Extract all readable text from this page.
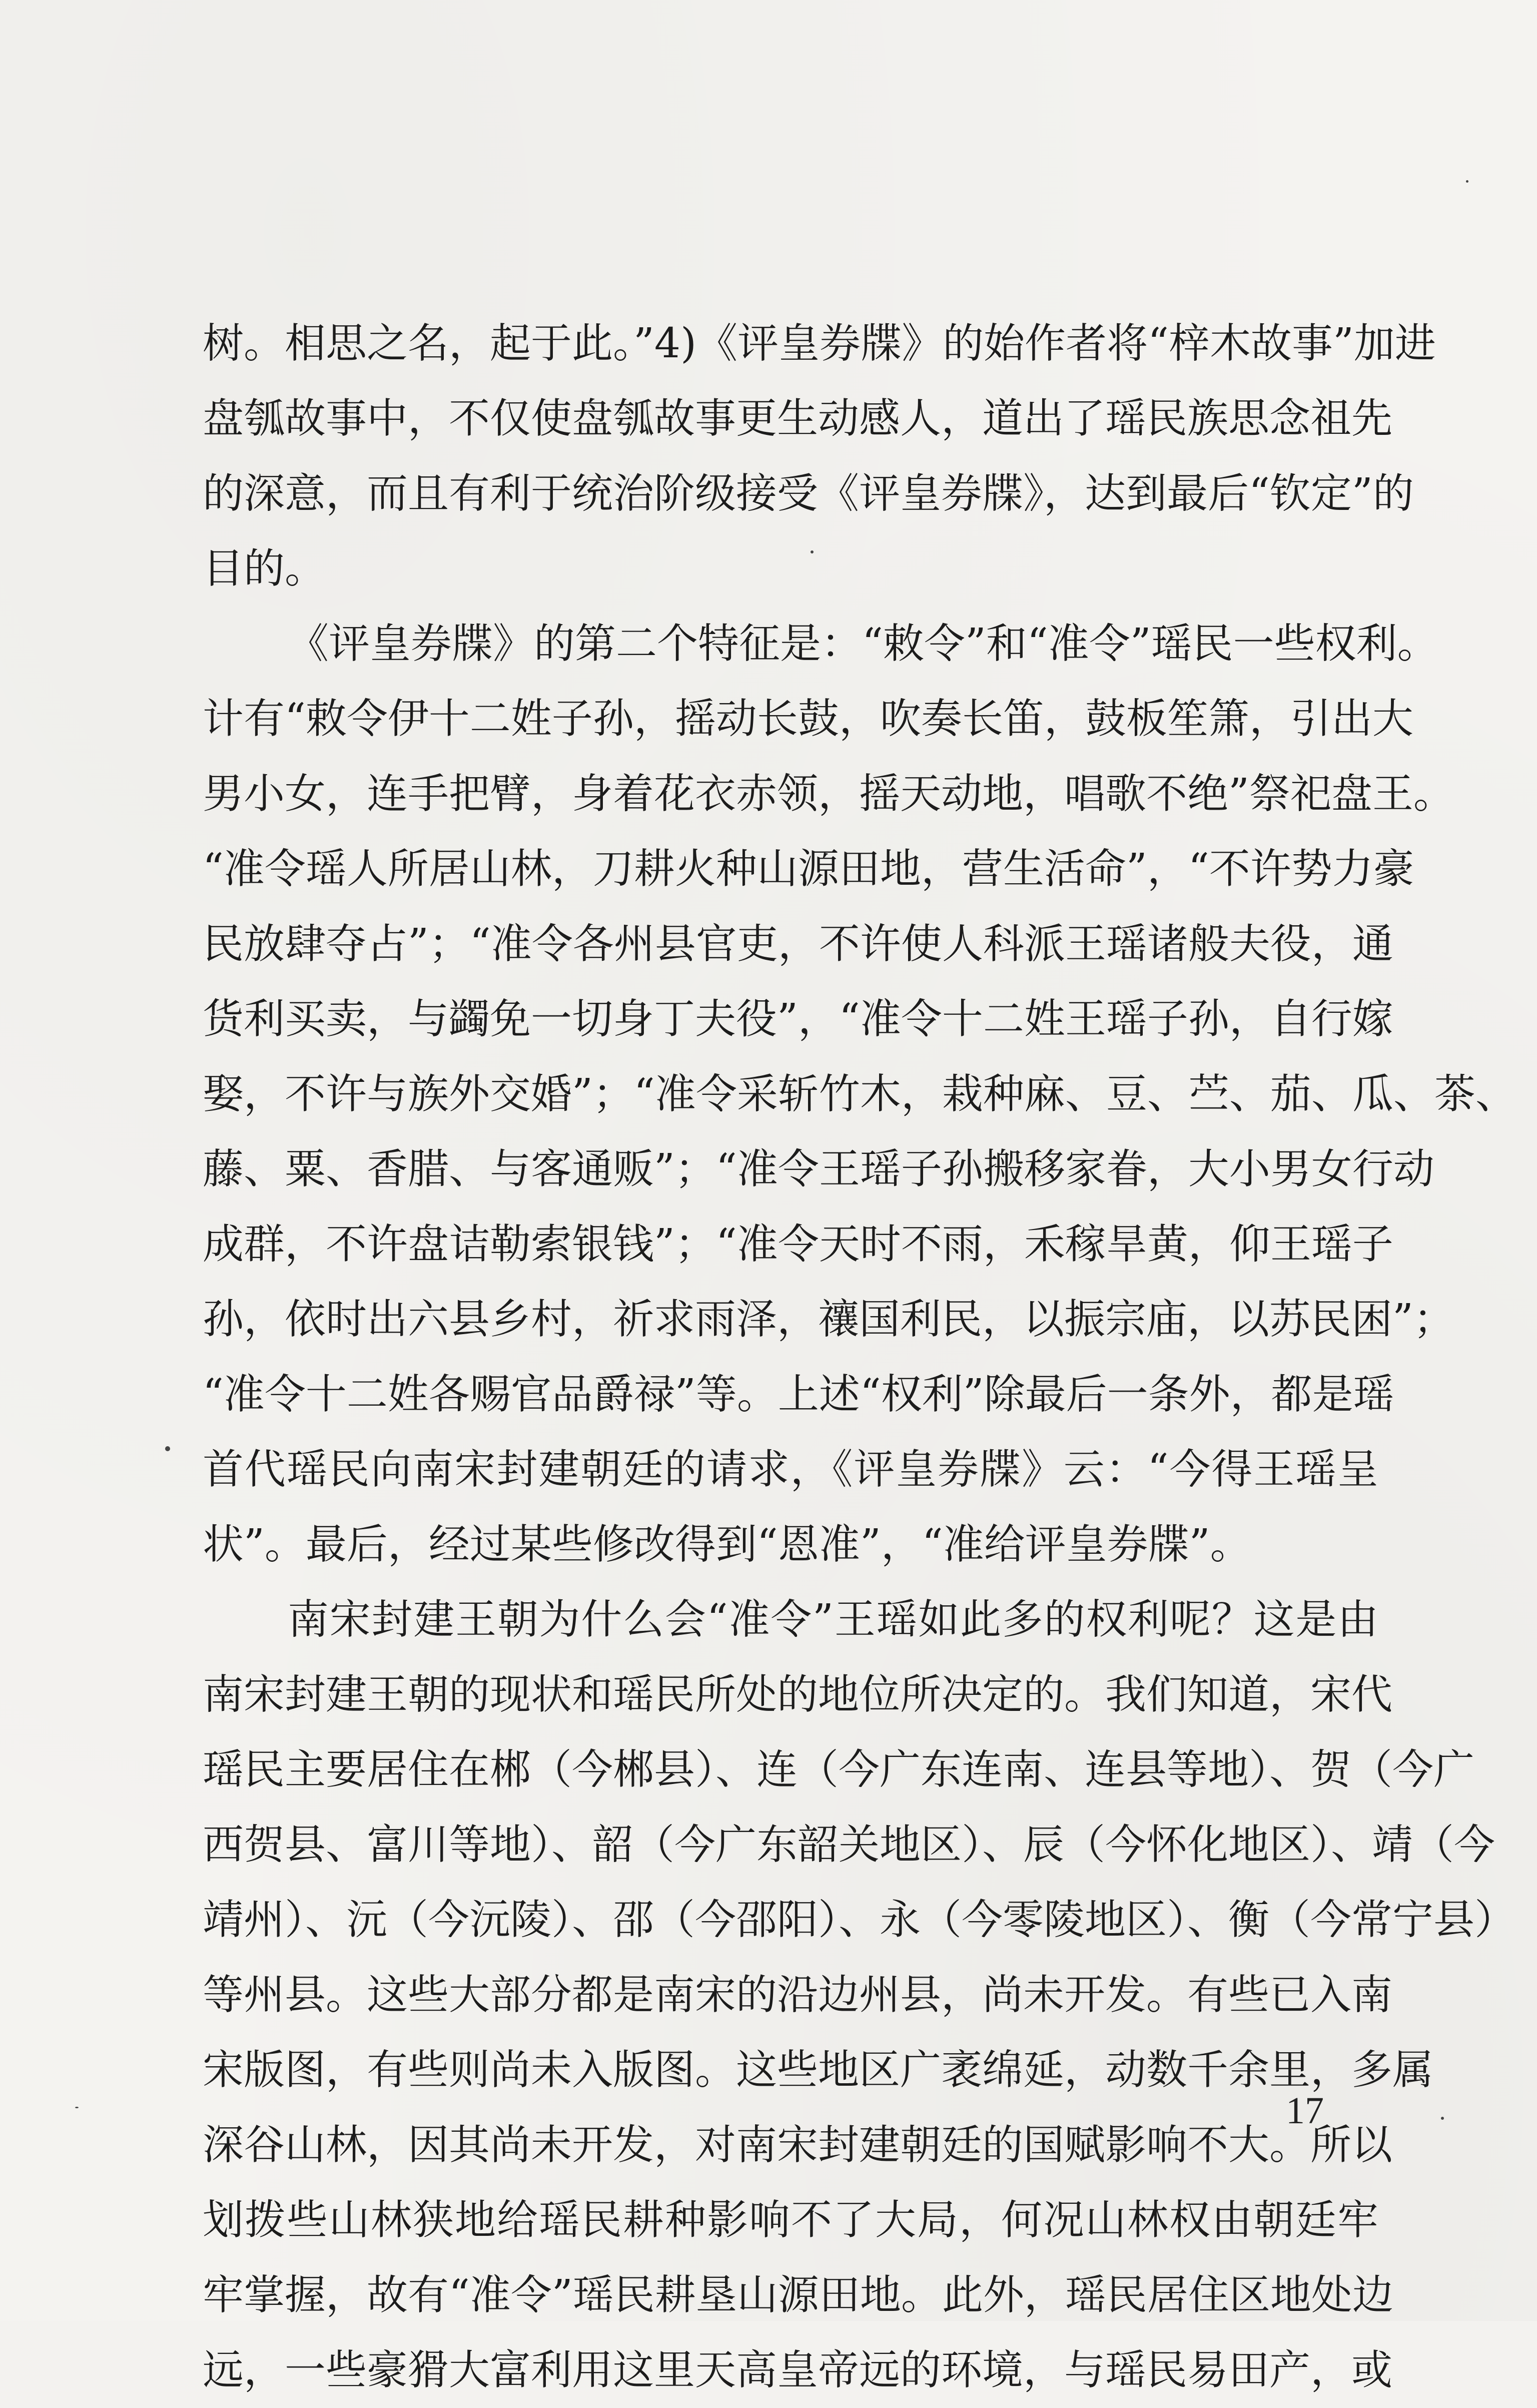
树。相思之名，起于此。”4)《评皇券牒》的始作者将“梓木故事”加进
盘瓠故事中，不仅使盘瓠故事更生动感人，道出了瑶民族思念祖先
的深意，而且有利于统治阶级接受《评皇券牒》，达到最后“钦定”的
目的。
《评皇券牒》的第二个特征是：“敕令”和“准令”瑶民一些权利。
计有“敕令伊十二姓子孙，摇动长鼓，吹奏长笛，鼓板笙箫，引出大
男小女，连手把臂，身着花衣赤领，摇天动地，唱歌不绝”祭祀盘王。
“准令瑶人所居山林，刀耕火种山源田地，营生活命”，“不许势力豪
民放肆夺占”；“准令各州县官吏，不许使人科派王瑶诸般夫役，通
货利买卖，与蠲免一切身丁夫役”，“准令十二姓王瑶子孙，自行嫁
娶，不许与族外交婚”；“准令采斩竹木，栽种麻、豆、苎、茄、瓜、茶、
藤、粟、香腊、与客通贩”；“准令王瑶子孙搬移家眷，大小男女行动
成群，不许盘诘勒索银钱”；“准令天时不雨，禾稼旱黄，仰王瑶子
孙，依时出六县乡村，祈求雨泽，禳国利民，以振宗庙，以苏民困”；
“准令十二姓各赐官品爵禄”等。上述“权利”除最后一条外，都是瑶
首代瑶民向南宋封建朝廷的请求，《评皇券牒》云：“今得王瑶呈
状”。最后，经过某些修改得到“恩准”，“准给评皇券牒”。
南宋封建王朝为什么会“准令”王瑶如此多的权利呢？这是由
南宋封建王朝的现状和瑶民所处的地位所决定的。我们知道，宋代
瑶民主要居住在郴（今郴县）、连（今广东连南、连县等地）、贺（今广
西贺县、富川等地）、韶（今广东韶关地区）、辰（今怀化地区）、靖（今
靖州）、沅（今沅陵）、邵（今邵阳）、永（今零陵地区）、衡（今常宁县）
等州县。这些大部分都是南宋的沿边州县，尚未开发。有些已入南
宋版图，有些则尚未入版图。这些地区广袤绵延，动数千余里，多属
深谷山林，因其尚未开发，对南宋封建朝廷的国赋影响不大。所以
划拨些山林狭地给瑶民耕种影响不了大局，何况山林权由朝廷牢
牢掌握，故有“准令”瑶民耕垦山源田地。此外，瑶民居住区地处边
远，一些豪猾大富利用这里天高皇帝远的环境，与瑶民易田产，或
17
